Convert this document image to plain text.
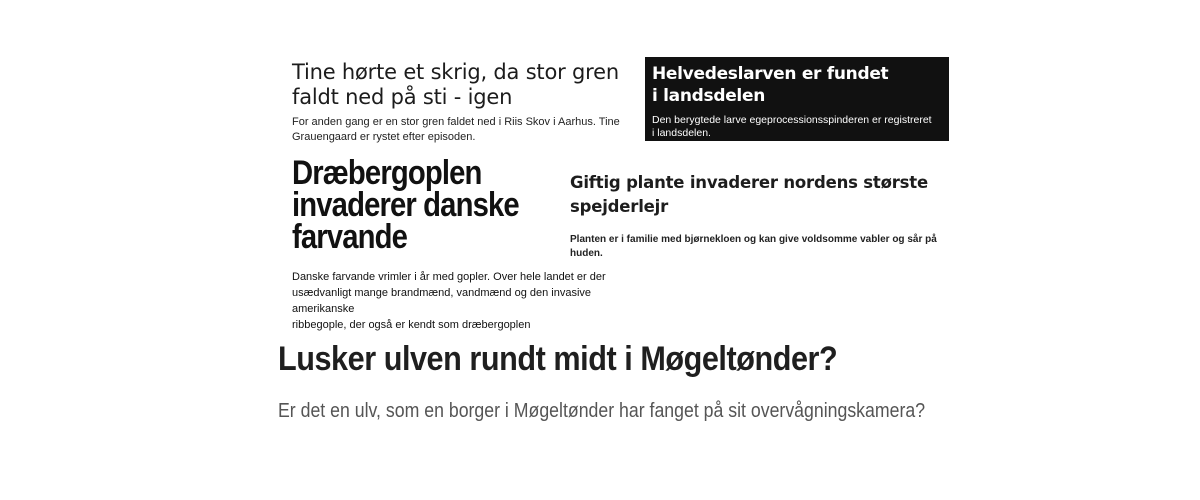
Tine hørte et skrig, da stor gren
faldt ned på sti - igen

For anden gang er en stor gren faldet ned i Riis Skov i Aarhus. Tine
Grauengaard er rystet efter episoden.

Helvedeslarven er fundet
i landsdelen

Den berygtede larve egeprocessionsspinderen er registreret
i landsdelen.

Dræbergoplen
invaderer danske
farvande

Danske farvande vrimler i år med gopler. Over hele landet er der
usædvanligt mange brandmænd, vandmænd og den invasive amerikanske
ribbegople, der også er kendt som dræbergoplen

Giftig plante invaderer nordens største
spejderlejr

Planten er i familie med bjørnekloen og kan give voldsomme vabler og sår på
huden.

Lusker ulven rundt midt i Møgeltønder?

Er det en ulv, som en borger i Møgeltønder har fanget på sit overvågningskamera?
